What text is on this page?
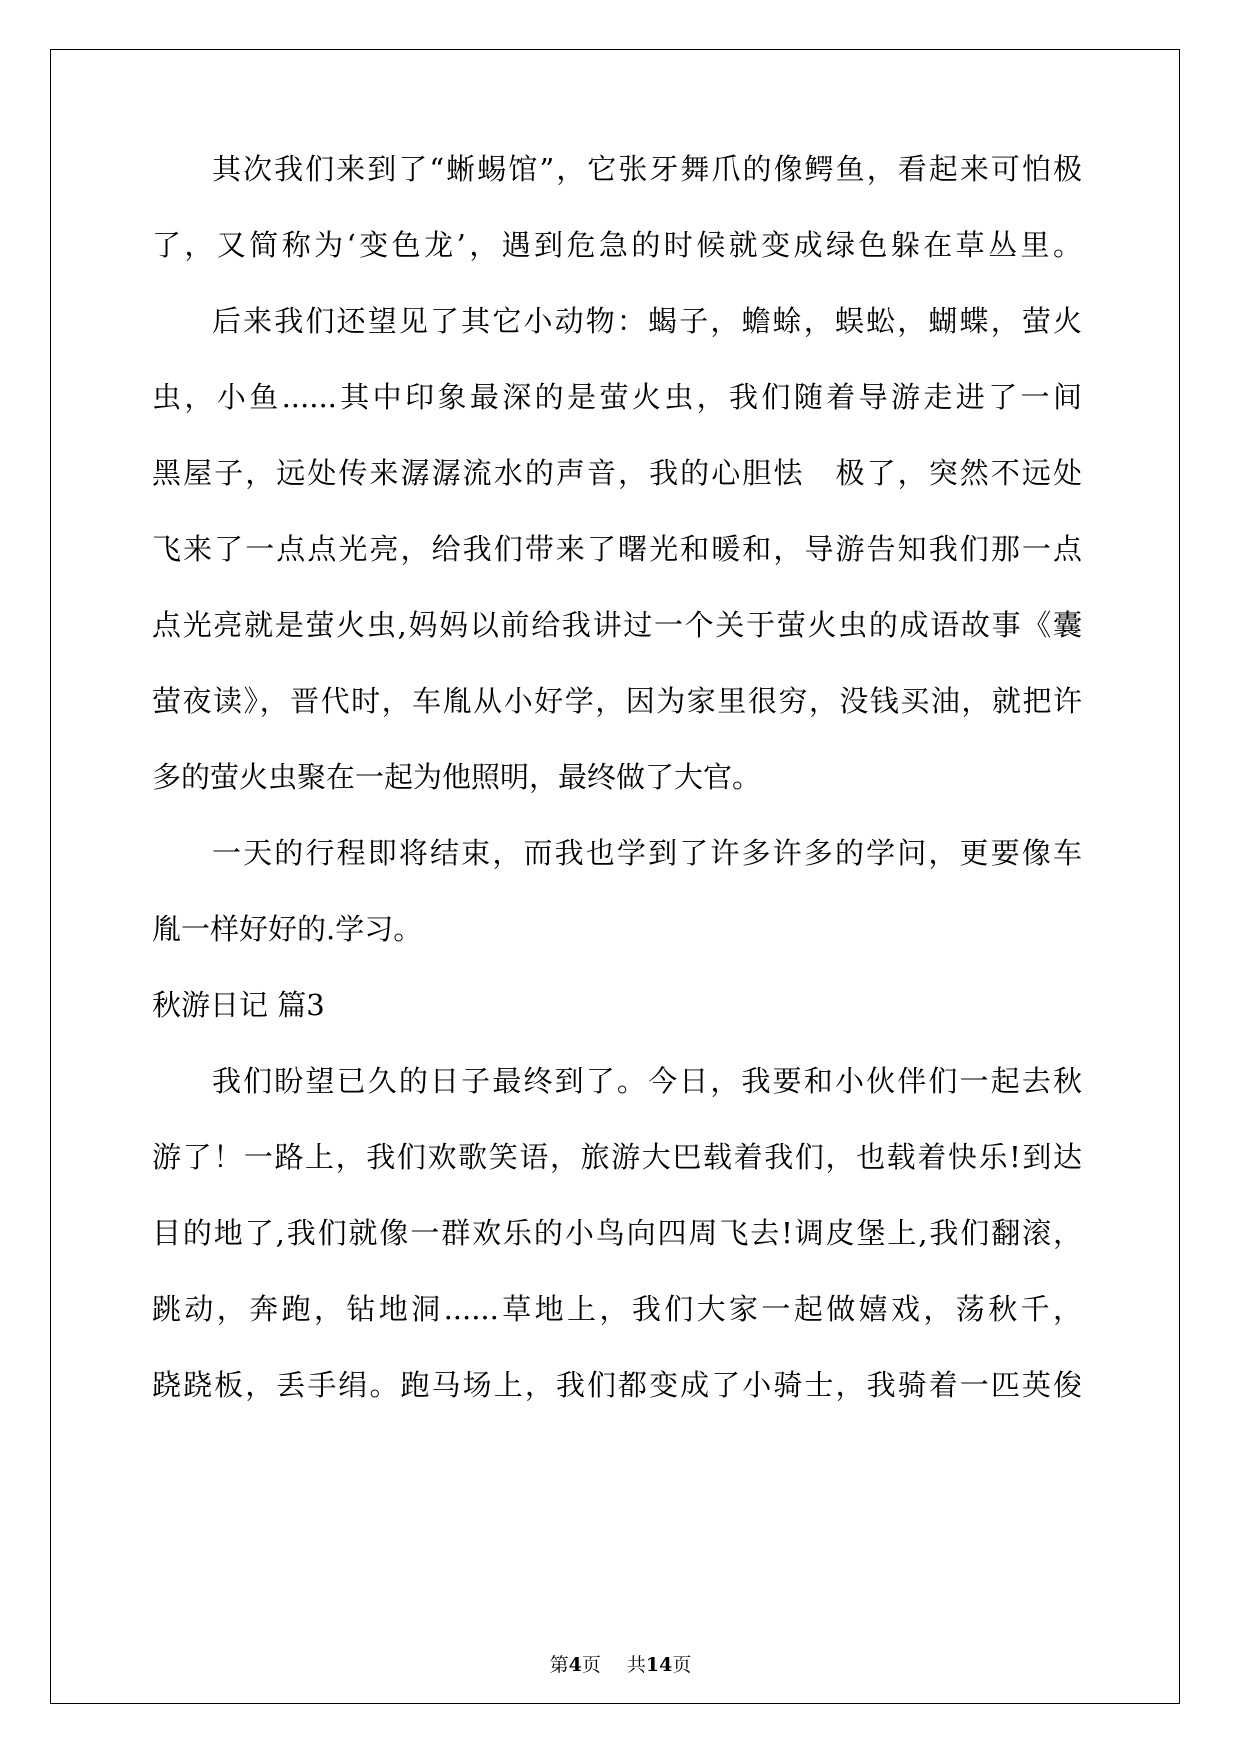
其次我们来到了“蜥蜴馆”，它张牙舞爪的像鳄鱼，看起来可怕极
了，又简称为‘变色龙’，遇到危急的时候就变成绿色躲在草丛里。
后来我们还望见了其它小动物：蝎子，蟾蜍，蜈蚣，蝴蝶，萤火
虫，小鱼......其中印象最深的是萤火虫，我们随着导游走进了一间
黑屋子，远处传来潺潺流水的声音，我的心胆怯　极了，突然不远处
飞来了一点点光亮，给我们带来了曙光和暖和，导游告知我们那一点
点光亮就是萤火虫,妈妈以前给我讲过一个关于萤火虫的成语故事《囊
萤夜读》，晋代时，车胤从小好学，因为家里很穷，没钱买油，就把许
多的萤火虫聚在一起为他照明，最终做了大官。
一天的行程即将结束，而我也学到了许多许多的学问，更要像车
胤一样好好的.学习。
秋游日记 篇3
我们盼望已久的日子最终到了。今日，我要和小伙伴们一起去秋
游了！一路上，我们欢歌笑语，旅游大巴载着我们，也载着快乐!到达
目的地了,我们就像一群欢乐的小鸟向四周飞去!调皮堡上,我们翻滚，
跳动，奔跑，钻地洞......草地上，我们大家一起做嬉戏，荡秋千，
跷跷板，丢手绢。跑马场上，我们都变成了小骑士，我骑着一匹英俊
第4页 共14页
